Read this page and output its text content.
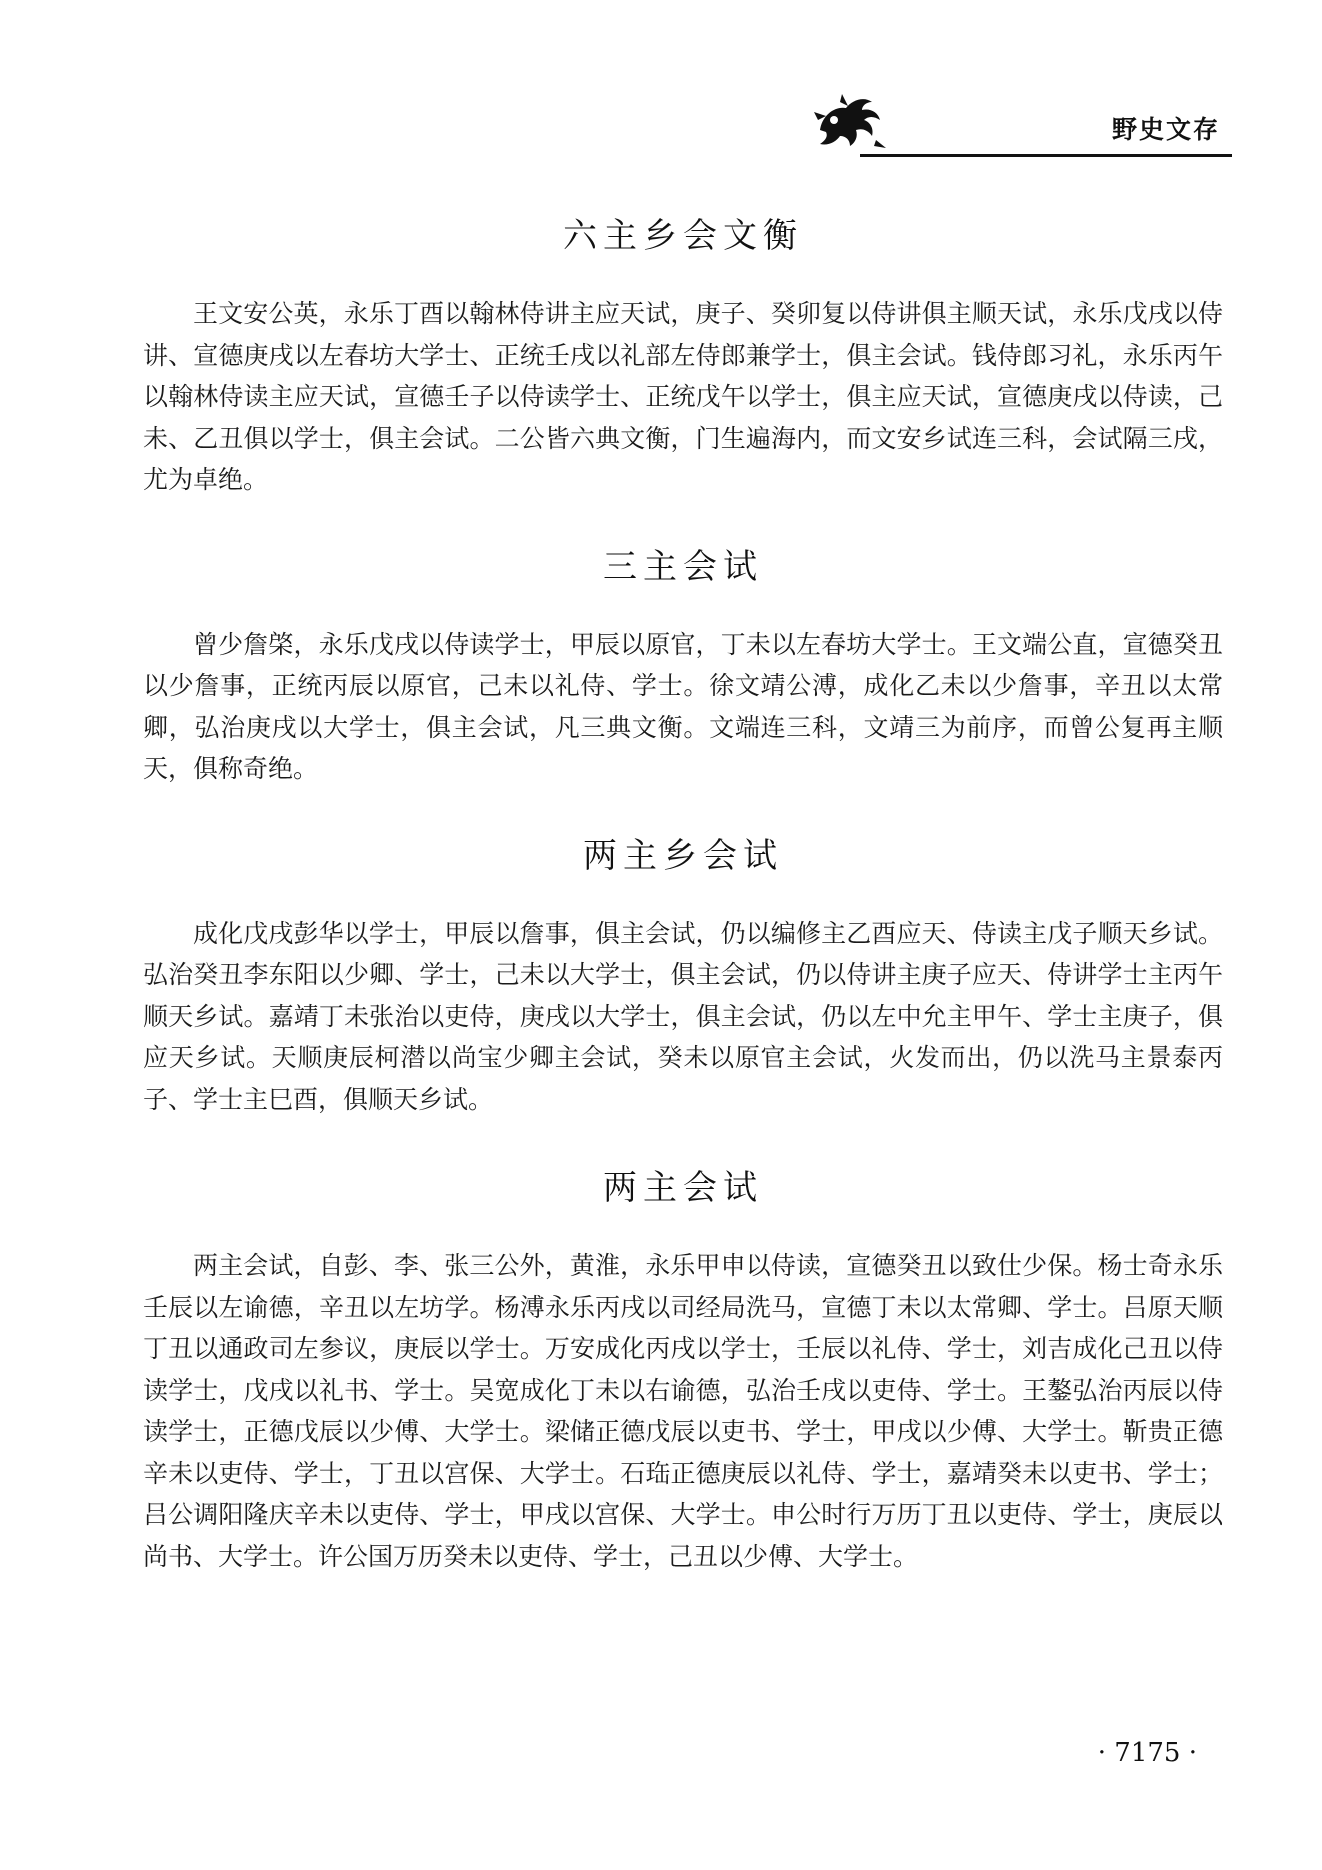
野史文存
六主乡会文衡

王文安公英，永乐丁酉以翰林侍讲主应天试，庚子、癸卯复以侍讲俱主顺天试，永乐戊戌以侍讲、宣德庚戌以左春坊大学士、正统壬戌以礼部左侍郎兼学士，俱主会试。钱侍郎习礼，永乐丙午以翰林侍读主应天试，宣德壬子以侍读学士、正统戊午以学士，俱主应天试，宣德庚戌以侍读，己未、乙丑俱以学士，俱主会试。二公皆六典文衡，门生遍海内，而文安乡试连三科，会试隔三戌，尤为卓绝。

三主会试

曾少詹棨，永乐戊戌以侍读学士，甲辰以原官，丁未以左春坊大学士。王文端公直，宣德癸丑以少詹事，正统丙辰以原官，己未以礼侍、学士。徐文靖公溥，成化乙未以少詹事，辛丑以太常卿，弘治庚戌以大学士，俱主会试，凡三典文衡。文端连三科，文靖三为前序，而曾公复再主顺天，俱称奇绝。

两主乡会试

成化戊戌彭华以学士，甲辰以詹事，俱主会试，仍以编修主乙酉应天、侍读主戊子顺天乡试。弘治癸丑李东阳以少卿、学士，己未以大学士，俱主会试，仍以侍讲主庚子应天、侍讲学士主丙午顺天乡试。嘉靖丁未张治以吏侍，庚戌以大学士，俱主会试，仍以左中允主甲午、学士主庚子，俱应天乡试。天顺庚辰柯潜以尚宝少卿主会试，癸未以原官主会试，火发而出，仍以洗马主景泰丙子、学士主巳酉，俱顺天乡试。

两主会试

两主会试，自彭、李、张三公外，黄淮，永乐甲申以侍读，宣德癸丑以致仕少保。杨士奇永乐壬辰以左谕德，辛丑以左坊学。杨溥永乐丙戌以司经局洗马，宣德丁未以太常卿、学士。吕原天顺丁丑以通政司左参议，庚辰以学士。万安成化丙戌以学士，壬辰以礼侍、学士，刘吉成化己丑以侍读学士，戊戌以礼书、学士。吴宽成化丁未以右谕德，弘治壬戌以吏侍、学士。王鏊弘治丙辰以侍读学士，正德戊辰以少傅、大学士。梁储正德戊辰以吏书、学士，甲戌以少傅、大学士。靳贵正德辛未以吏侍、学士，丁丑以宫保、大学士。石珤正德庚辰以礼侍、学士，嘉靖癸未以吏书、学士；吕公调阳隆庆辛未以吏侍、学士，甲戌以宫保、大学士。申公时行万历丁丑以吏侍、学士，庚辰以尚书、大学士。许公国万历癸未以吏侍、学士，己丑以少傅、大学士。

· 7175 ·
